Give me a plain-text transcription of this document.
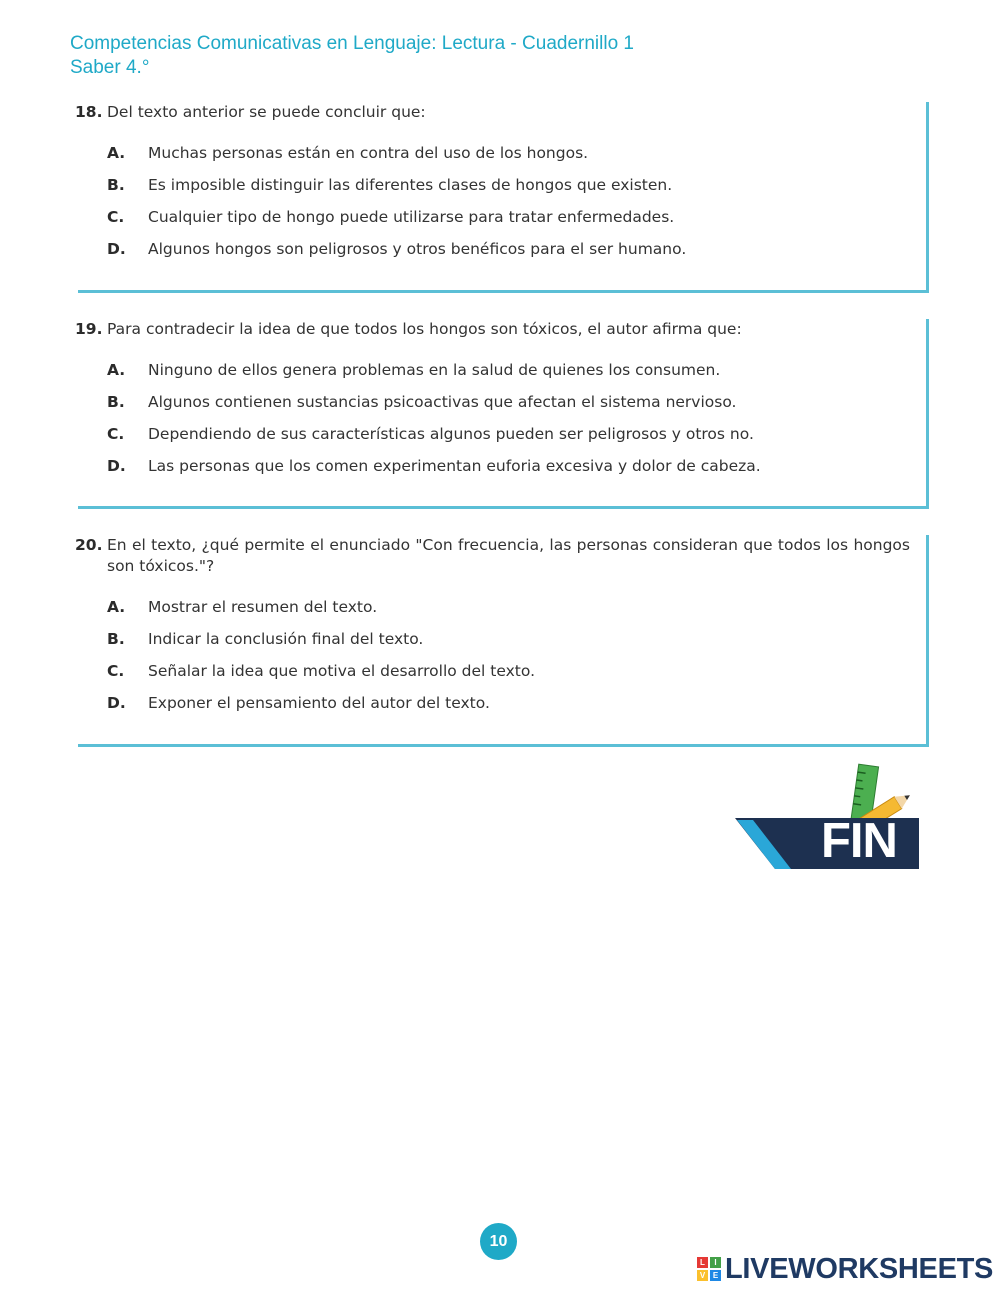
Competencias Comunicativas en Lenguaje: Lectura - Cuadernillo 1
Saber 4.°
18. Del texto anterior se puede concluir que:
A. Muchas personas están en contra del uso de los hongos.
B. Es imposible distinguir las diferentes clases de hongos que existen.
C. Cualquier tipo de hongo puede utilizarse para tratar enfermedades.
D. Algunos hongos son peligrosos y otros benéficos para el ser humano.
19. Para contradecir la idea de que todos los hongos son tóxicos, el autor afirma que:
A. Ninguno de ellos genera problemas en la salud de quienes los consumen.
B. Algunos contienen sustancias psicoactivas que afectan el sistema nervioso.
C. Dependiendo de sus características algunos pueden ser peligrosos y otros no.
D. Las personas que los comen experimentan euforia excesiva y dolor de cabeza.
20. En el texto, ¿qué permite el enunciado "Con frecuencia, las personas consideran que todos los hongos son tóxicos."?
A. Mostrar el resumen del texto.
B. Indicar la conclusión final del texto.
C. Señalar la idea que motiva el desarrollo del texto.
D. Exponer el pensamiento del autor del texto.
FIN
10
L	I
V E LIVEWORKSHEETS
